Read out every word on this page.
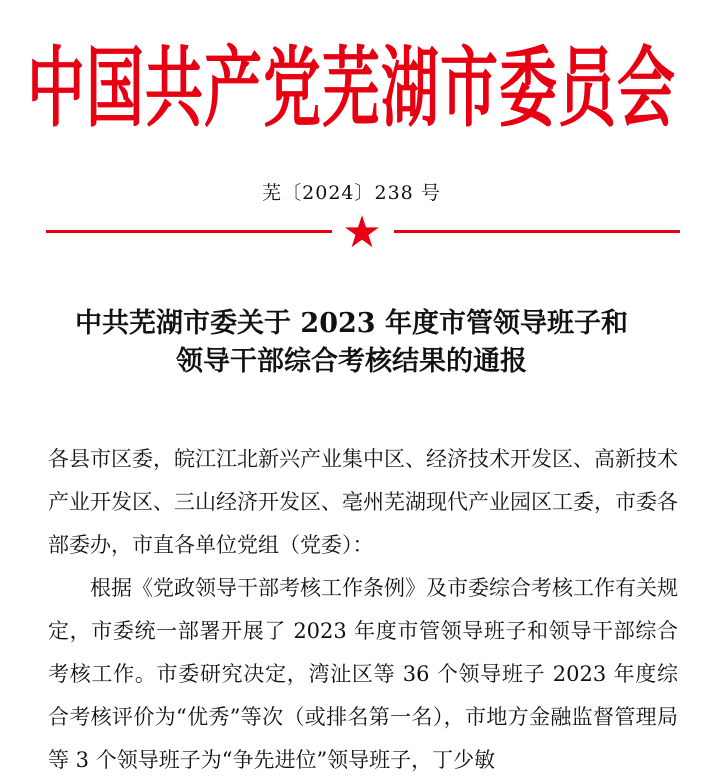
中国共产党芜湖市委员会
芜〔2024〕238 号
★
中共芜湖市委关于 2023 年度市管领导班子和
领导干部综合考核结果的通报

各县市区委，皖江江北新兴产业集中区、经济技术开发区、高新技术产业开发区、三山经济开发区、亳州芜湖现代产业园区工委，市委各部委办，市直各单位党组（党委）：

根据《党政领导干部考核工作条例》及市委综合考核工作有关规定，市委统一部署开展了 2023 年度市管领导班子和领导干部综合考核工作。市委研究决定，湾沚区等 36 个领导班子 2023 年度综合考核评价为“优秀”等次（或排名第一名），市地方金融监督管理局等 3 个领导班子为“争先进位”领导班子，丁少敏
